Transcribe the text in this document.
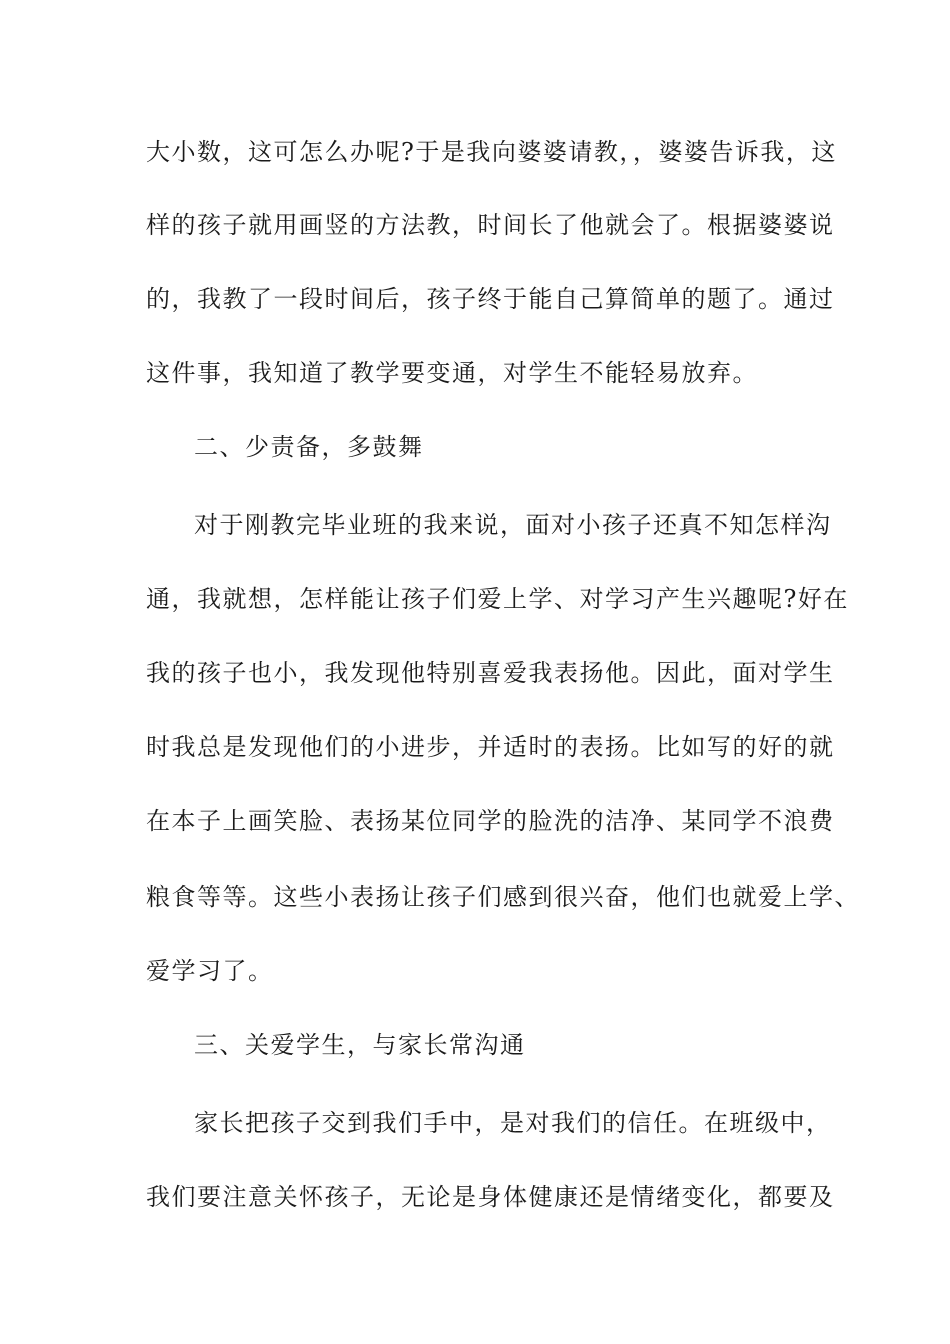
大小数，这可怎么办呢?于是我向婆婆请教，，婆婆告诉我，这
样的孩子就用画竖的方法教，时间长了他就会了。根据婆婆说
的，我教了一段时间后，孩子终于能自己算简单的题了。通过
这件事，我知道了教学要变通，对学生不能轻易放弃。
二、少责备，多鼓舞
对于刚教完毕业班的我来说，面对小孩子还真不知怎样沟
通，我就想，怎样能让孩子们爱上学、对学习产生兴趣呢?好在
我的孩子也小，我发现他特别喜爱我表扬他。因此，面对学生
时我总是发现他们的小进步，并适时的表扬。比如写的好的就
在本子上画笑脸、表扬某位同学的脸洗的洁净、某同学不浪费
粮食等等。这些小表扬让孩子们感到很兴奋，他们也就爱上学、
爱学习了。
三、关爱学生，与家长常沟通
家长把孩子交到我们手中，是对我们的信任。在班级中，
我们要注意关怀孩子，无论是身体健康还是情绪变化，都要及
